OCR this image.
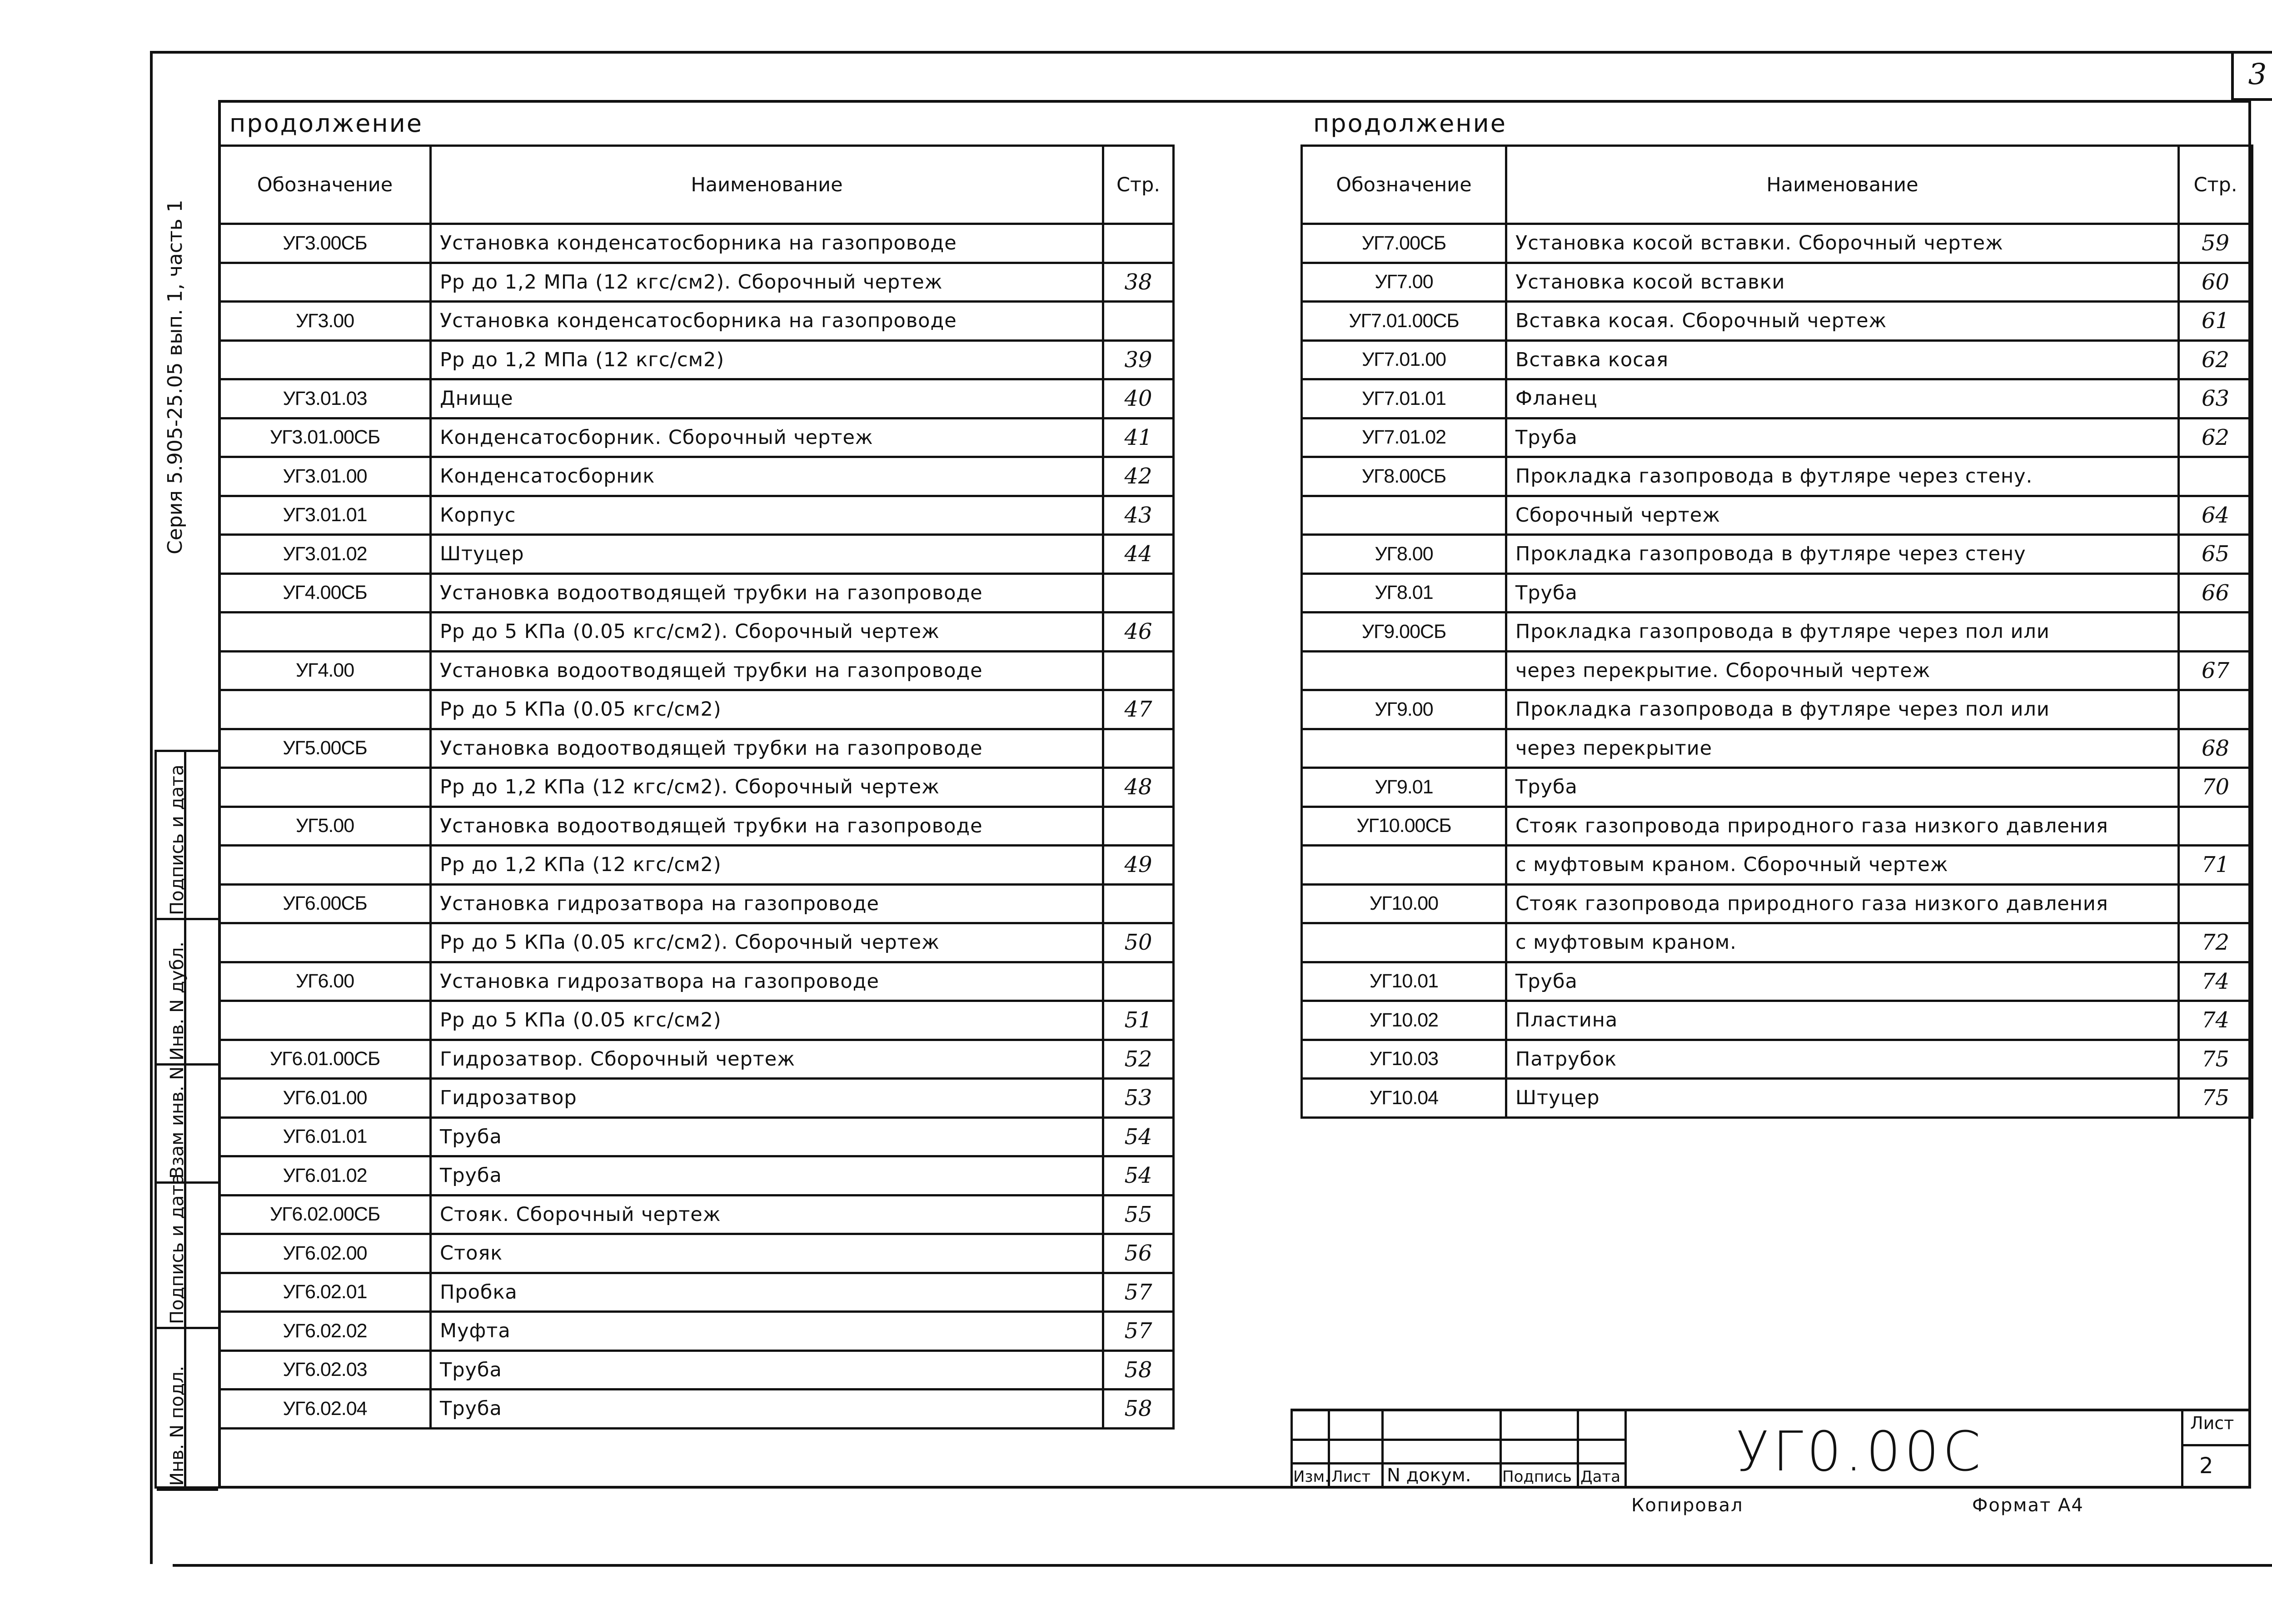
3
Серия 5.905-25.05 вып. 1, часть 1
Инв. N подл.
Подпись и дата
Взам инв. N
Инв. N дубл.
Подпись и дата
продолжение
Обозначение	Наименование	Стр.
УГ3.00СБ	Установка конденсатосборника на газопроводе	
	Рр до 1,2 МПа (12 кгс/см2). Сборочный чертеж	38
УГ3.00	Установка конденсатосборника на газопроводе	
	Рр до 1,2 МПа (12 кгс/см2)	39
УГ3.01.03	Днище	40
УГ3.01.00СБ	Конденсатосборник. Сборочный чертеж	41
УГ3.01.00	Конденсатосборник	42
УГ3.01.01	Корпус	43
УГ3.01.02	Штуцер	44
УГ4.00СБ	Установка водоотводящей трубки на газопроводе	
	Рр до 5 КПа (0.05 кгс/см2). Сборочный чертеж	46
УГ4.00	Установка водоотводящей трубки на газопроводе	
	Рр до 5 КПа (0.05 кгс/см2)	47
УГ5.00СБ	Установка водоотводящей трубки на газопроводе	
	Рр до 1,2 КПа (12 кгс/см2). Сборочный чертеж	48
УГ5.00	Установка водоотводящей трубки на газопроводе	
	Рр до 1,2 КПа (12 кгс/см2)	49
УГ6.00СБ	Установка гидрозатвора на газопроводе	
	Рр до 5 КПа (0.05 кгс/см2). Сборочный чертеж	50
УГ6.00	Установка гидрозатвора на газопроводе	
	Рр до 5 КПа (0.05 кгс/см2)	51
УГ6.01.00СБ	Гидрозатвор. Сборочный чертеж	52
УГ6.01.00	Гидрозатвор	53
УГ6.01.01	Труба	54
УГ6.01.02	Труба	54
УГ6.02.00СБ	Стояк. Сборочный чертеж	55
УГ6.02.00	Стояк	56
УГ6.02.01	Пробка	57
УГ6.02.02	Муфта	57
УГ6.02.03	Труба	58
УГ6.02.04	Труба	58
продолжение
Обозначение	Наименование	Стр.
УГ7.00СБ	Установка косой вставки. Сборочный чертеж	59
УГ7.00	Установка косой вставки	60
УГ7.01.00СБ	Вставка косая. Сборочный чертеж	61
УГ7.01.00	Вставка косая	62
УГ7.01.01	Фланец	63
УГ7.01.02	Труба	62
УГ8.00СБ	Прокладка газопровода в футляре через стену.	
	Сборочный чертеж	64
УГ8.00	Прокладка газопровода в футляре через стену	65
УГ8.01	Труба	66
УГ9.00СБ	Прокладка газопровода в футляре через пол или	
	через перекрытие. Сборочный чертеж	67
УГ9.00	Прокладка газопровода в футляре через пол или	
	через перекрытие	68
УГ9.01	Труба	70
УГ10.00СБ	Стояк газопровода природного газа низкого давления	
	с муфтовым краном. Сборочный чертеж	71
УГ10.00	Стояк газопровода природного газа низкого давления	
	с муфтовым краном.	72
УГ10.01	Труба	74
УГ10.02	Пластина	74
УГ10.03	Патрубок	75
УГ10.04	Штуцер	75
Изм. Лист N докум. Подпись Дата УГ0.00С	Лист
2
Копировал	Формат А4
